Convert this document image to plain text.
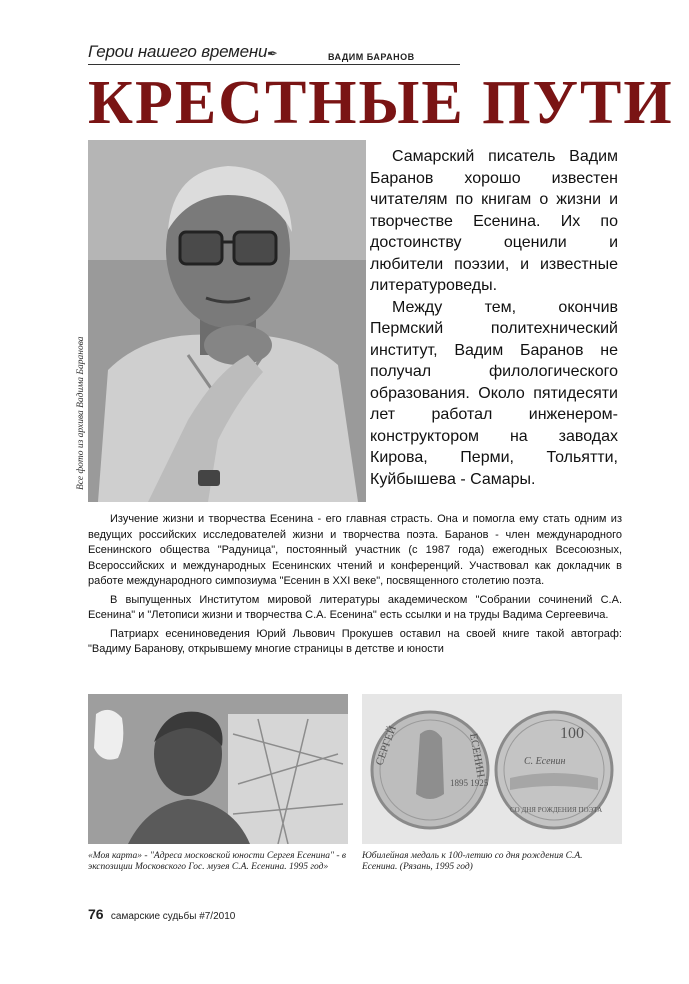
Герои нашего времени ✒	ВАДИМ БАРАНОВ
КРЕСТНЫЕ ПУТИ
Все фото из архива Вадима Баранова

Самарский писатель Вадим Баранов хорошо известен читателям по книгам о жизни и творчестве Есенина. Их по достоинству оценили и любители поэзии, и известные литературоведы.

Между тем, окончив Пермский политехнический институт, Вадим Баранов не получал филологического образования. Около пятидесяти лет работал инженером-конструктором на заводах Кирова, Перми, Тольятти, Куйбышева - Самары.

Изучение жизни и творчества Есенина - его главная страсть. Она и помогла ему стать одним из ведущих российских исследователей жизни и творчества поэта. Баранов - член международного Есенинского общества "Радуница", постоянный участник (с 1987 года) ежегодных Всесоюзных, Всероссийских и международных Есенинских чтений и конференций. Участвовал как докладчик в работе международного симпозиума "Есенин в XXI веке", посвященного столетию поэта.

В выпущенных Институтом мировой литературы академическом "Собрании сочинений С.А. Есенина" и "Летописи жизни и творчества С.А. Есенина" есть ссылки и на труды Вадима Сергеевича.

Патриарх есениноведения Юрий Львович Прокушев оставил на своей книге такой автограф: "Вадиму Баранову, открывшему многие страницы в детстве и юности

СЕРГЕЙ	ЕСЕНИН
1895 1925
100
С. Есенин
СО ДНЯ РОЖДЕНИЯ ПОЭТА
«Моя карта» - "Адреса московской юности Сергея Есенина" - в экспозиции Московского Гос. музея С.А. Есенина. 1995 год»
Юбилейная медаль к 100-летию со дня рождения С.А. Есенина. (Рязань, 1995 год)
76 самарские судьбы #7/2010
